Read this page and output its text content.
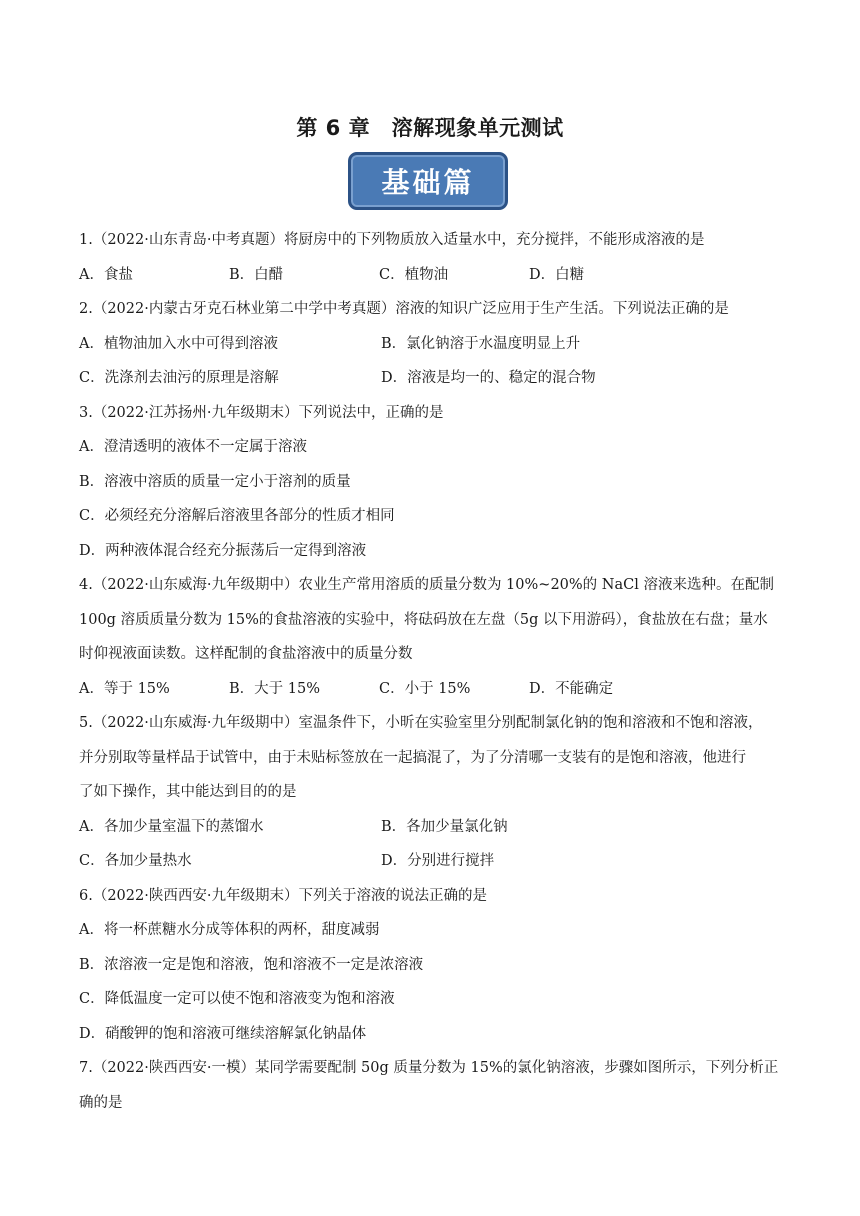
第 6 章　溶解现象单元测试
基础篇
1.（2022·山东青岛·中考真题）将厨房中的下列物质放入适量水中，充分搅拌，不能形成溶液的是
A．食盐	B．白醋	C．植物油	D．白糖
2.（2022·内蒙古牙克石林业第二中学中考真题）溶液的知识广泛应用于生产生活。下列说法正确的是
A．植物油加入水中可得到溶液	B．氯化钠溶于水温度明显上升
C．洗涤剂去油污的原理是溶解	D．溶液是均一的、稳定的混合物
3.（2022·江苏扬州·九年级期末）下列说法中，正确的是
A．澄清透明的液体不一定属于溶液
B．溶液中溶质的质量一定小于溶剂的质量
C．必须经充分溶解后溶液里各部分的性质才相同
D．两种液体混合经充分振荡后一定得到溶液
4.（2022·山东威海·九年级期中）农业生产常用溶质的质量分数为 10%~20%的 NaCl 溶液来选种。在配制
100g 溶质质量分数为 15%的食盐溶液的实验中，将砝码放在左盘（5g 以下用游码），食盐放在右盘；量水
时仰视液面读数。这样配制的食盐溶液中的质量分数
A．等于 15%	B．大于 15%	C．小于 15%	D．不能确定
5.（2022·山东威海·九年级期中）室温条件下，小昕在实验室里分别配制氯化钠的饱和溶液和不饱和溶液，
并分别取等量样品于试管中，由于未贴标签放在一起搞混了，为了分清哪一支装有的是饱和溶液，他进行
了如下操作，其中能达到目的的是
A．各加少量室温下的蒸馏水	B．各加少量氯化钠
C．各加少量热水	D．分别进行搅拌
6.（2022·陕西西安·九年级期末）下列关于溶液的说法正确的是
A．将一杯蔗糖水分成等体积的两杯，甜度减弱
B．浓溶液一定是饱和溶液，饱和溶液不一定是浓溶液
C．降低温度一定可以使不饱和溶液变为饱和溶液
D．硝酸钾的饱和溶液可继续溶解氯化钠晶体
7.（2022·陕西西安·一模）某同学需要配制 50g 质量分数为 15%的氯化钠溶液，步骤如图所示，下列分析正
确的是
